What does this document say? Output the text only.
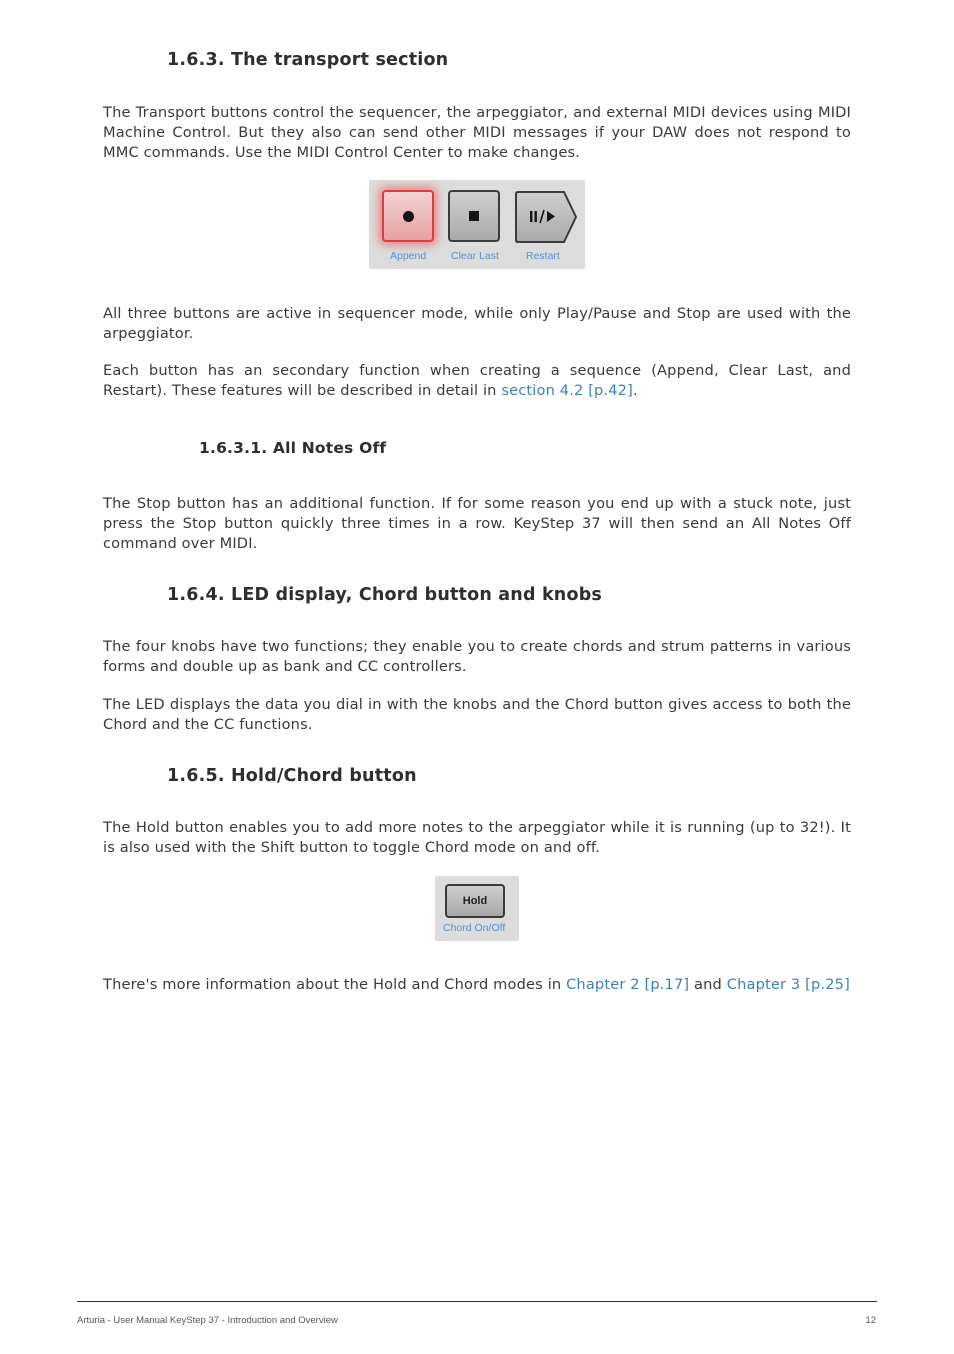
1.6.3. The transport section

The Transport buttons control the sequencer, the arpeggiator, and external MIDI devices using MIDI Machine Control. But they also can send other MIDI messages if your DAW does not respond to MMC commands. Use the MIDI Control Center to make changes.

Append Clear Last	Restart

All three buttons are active in sequencer mode, while only Play/Pause and Stop are used with the arpeggiator.

Each button has an secondary function when creating a sequence (Append, Clear Last, and Restart). These features will be described in detail in section 4.2 [p.42].

1.6.3.1. All Notes Off

The Stop button has an additional function. If for some reason you end up with a stuck note, just press the Stop button quickly three times in a row. KeyStep 37 will then send an All Notes Off command over MIDI.

1.6.4. LED display, Chord button and knobs

The four knobs have two functions; they enable you to create chords and strum patterns in various forms and double up as bank and CC controllers.

The LED displays the data you dial in with the knobs and the Chord button gives access to both the Chord and the CC functions.

1.6.5. Hold/Chord button

The Hold button enables you to add more notes to the arpeggiator while it is running (up to 32!). It is also used with the Shift button to toggle Chord mode on and off.

Hold
Chord On/Off

There's more information about the Hold and Chord modes in Chapter 2 [p.17] and Chapter 3 [p.25]

Arturia - User Manual KeyStep 37 - Introduction and Overview	12
